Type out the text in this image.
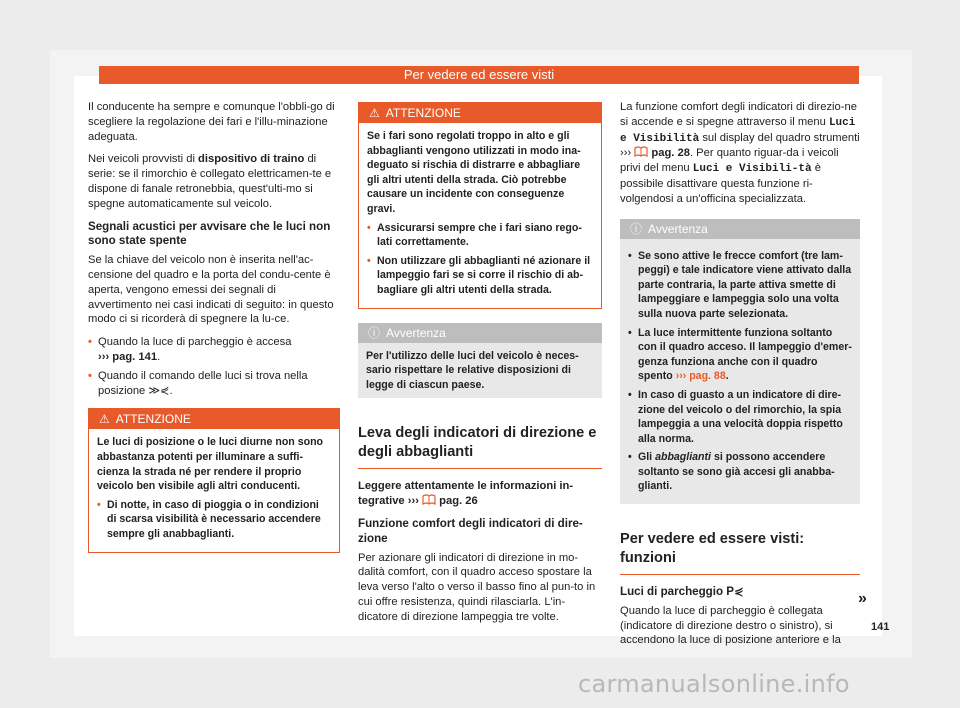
Per vedere ed essere visti

Il conducente ha sempre e comunque l'obbli-go di scegliere la regolazione dei fari e l'illu-minazione adeguata.

Nei veicoli provvisti di dispositivo di traino di serie: se il rimorchio è collegato elettricamen-te e dispone di fanale retronebbia, quest'ulti-mo si spegne automaticamente sul veicolo.

Segnali acustici per avvisare che le luci non sono state spente

Se la chiave del veicolo non è inserita nell'ac-censione del quadro e la porta del condu-cente è aperta, vengono emessi dei segnali di avvertimento nei casi indicati di seguito: in questo modo ci si ricorderà di spegnere la lu-ce.

• Quando la luce di parcheggio è accesa
››› pag. 141.
• Quando il comando delle luci si trova nella posizione ≫⋞.
⚠ ATTENZIONE
Le luci di posizione o le luci diurne non sono abbastanza potenti per illuminare a suffi-cienza la strada né per rendere il proprio veicolo ben visibile agli altri conducenti.
• Di notte, in caso di pioggia o in condizioni di scarsa visibilità è necessario accendere sempre gli anabbaglianti.
⚠ ATTENZIONE
Se i fari sono regolati troppo in alto e gli abbaglianti vengono utilizzati in modo ina-deguato si rischia di distrarre e abbagliare gli altri utenti della strada. Ciò potrebbe causare un incidente con conseguenze gravi.
• Assicurarsi sempre che i fari siano rego-lati correttamente.
• Non utilizzare gli abbaglianti né azionare il lampeggio fari se si corre il rischio di ab-bagliare gli altri utenti della strada.
ⓘ Avvertenza
Per l'utilizzo delle luci del veicolo è neces-sario rispettare le relative disposizioni di legge di ciascun paese.
Leva degli indicatori di direzione e degli abbaglianti

Leggere attentamente le informazioni in-tegrative ››› pag. 26

Funzione comfort degli indicatori di dire-zione

Per azionare gli indicatori di direzione in mo-dalità comfort, con il quadro acceso spostare la leva verso l'alto o verso il basso fino al pun-to in cui offre resistenza, quindi rilasciarla. L'in-dicatore di direzione lampeggia tre volte.

La funzione comfort degli indicatori di direzio-ne si accende e si spegne attraverso il menu Luci e Visibilità sul display del quadro strumenti ››› pag. 28. Per quanto riguar-da i veicoli privi del menu Luci e Visibili-tà è possibile disattivare questa funzione ri-volgendosi a un'officina specializzata.

ⓘ Avvertenza
• Se sono attive le frecce comfort (tre lam-peggi) e tale indicatore viene attivato dalla parte contraria, la parte attiva smette di lampeggiare e lampeggia solo una volta sulla nuova parte selezionata.
• La luce intermittente funziona soltanto con il quadro acceso. Il lampeggio d'emer-genza funziona anche con il quadro spento ››› pag. 88.
• In caso di guasto a un indicatore di dire-zione del veicolo o del rimorchio, la spia lampeggia a una velocità doppia rispetto alla norma.
• Gli abbaglianti si possono accendere soltanto se sono già accesi gli anabba-glianti.
Per vedere ed essere visti: funzioni
Luci di parcheggio P⋞

Quando la luce di parcheggio è collegata (indicatore di direzione destro o sinistro), si accendono la luce di posizione anteriore e la

»
141
carmanualsonline.info
